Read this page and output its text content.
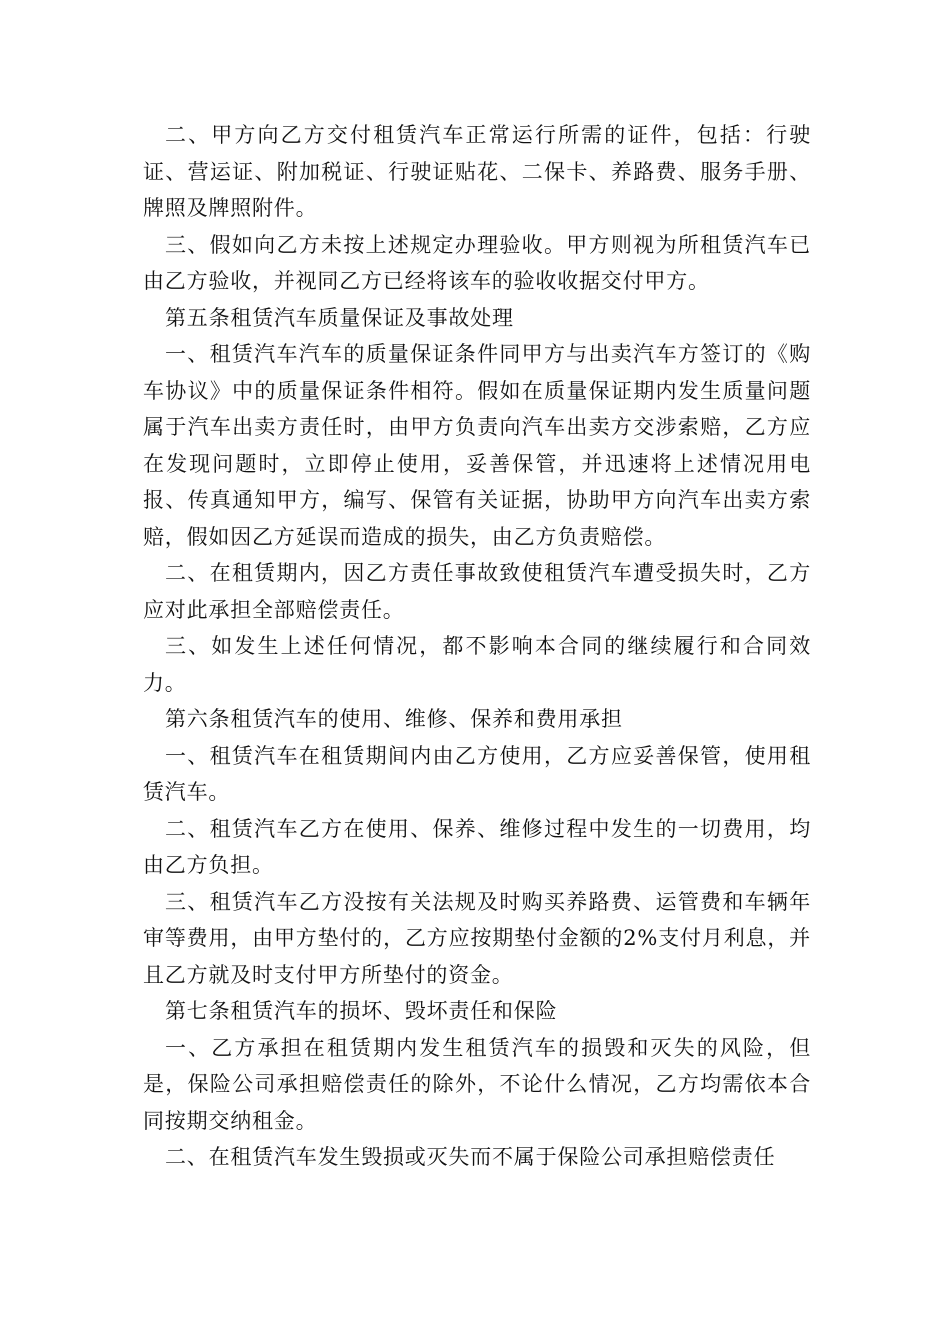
二、甲方向乙方交付租赁汽车正常运行所需的证件，包括：行驶证、营运证、附加税证、行驶证贴花、二保卡、养路费、服务手册、牌照及牌照附件。

三、假如向乙方未按上述规定办理验收。甲方则视为所租赁汽车已由乙方验收，并视同乙方已经将该车的验收收据交付甲方。

第五条租赁汽车质量保证及事故处理

一、租赁汽车汽车的质量保证条件同甲方与出卖汽车方签订的《购车协议》中的质量保证条件相符。假如在质量保证期内发生质量问题属于汽车出卖方责任时，由甲方负责向汽车出卖方交涉索赔，乙方应在发现问题时，立即停止使用，妥善保管，并迅速将上述情况用电报、传真通知甲方，编写、保管有关证据，协助甲方向汽车出卖方索赔，假如因乙方延误而造成的损失，由乙方负责赔偿。

二、在租赁期内，因乙方责任事故致使租赁汽车遭受损失时，乙方应对此承担全部赔偿责任。

三、如发生上述任何情况，都不影响本合同的继续履行和合同效力。

第六条租赁汽车的使用、维修、保养和费用承担

一、租赁汽车在租赁期间内由乙方使用，乙方应妥善保管，使用租赁汽车。

二、租赁汽车乙方在使用、保养、维修过程中发生的一切费用，均由乙方负担。

三、租赁汽车乙方没按有关法规及时购买养路费、运管费和车辆年审等费用，由甲方垫付的，乙方应按期垫付金额的2%支付月利息，并且乙方就及时支付甲方所垫付的资金。

第七条租赁汽车的损坏、毁坏责任和保险

一、乙方承担在租赁期内发生租赁汽车的损毁和灭失的风险，但是，保险公司承担赔偿责任的除外，不论什么情况，乙方均需依本合同按期交纳租金。

二、在租赁汽车发生毁损或灭失而不属于保险公司承担赔偿责任
